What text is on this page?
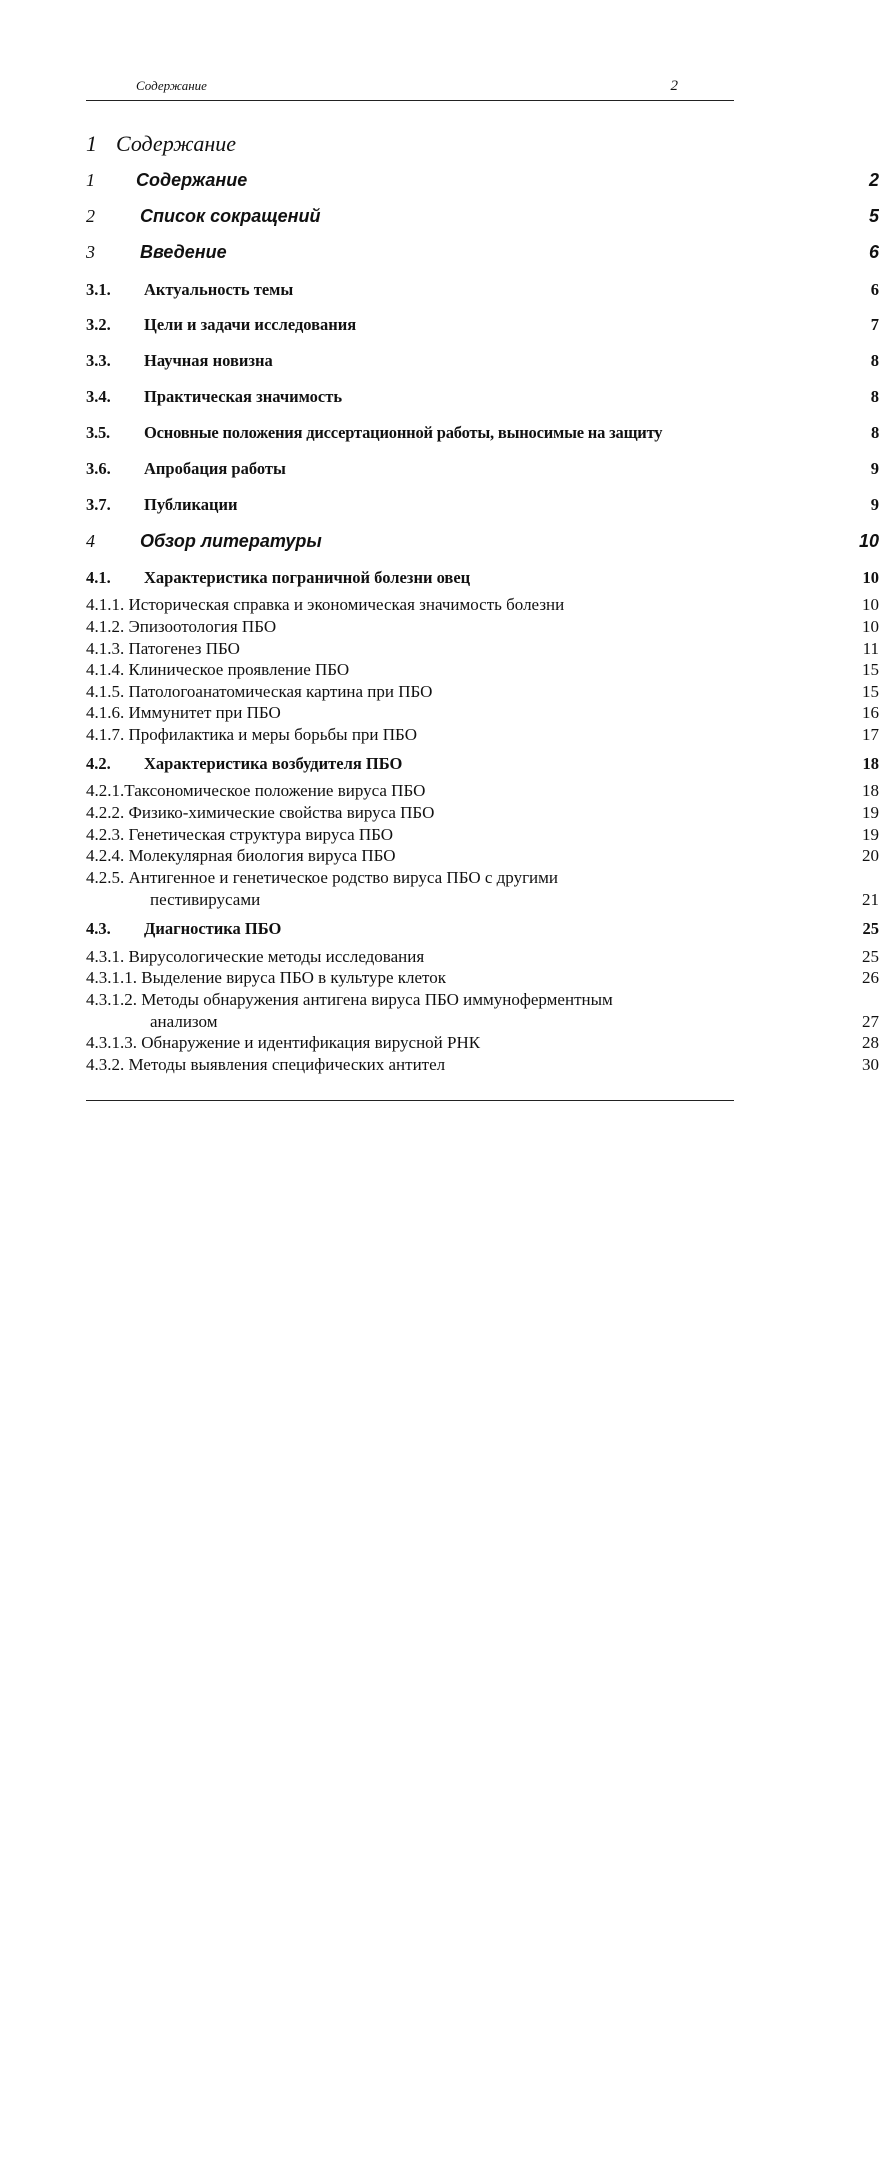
Содержание	2
1 Содержание
1 Содержание	2
2	Список сокращений	5
3	Введение	6
3.1. Актуальность темы	6
3.2. Цели и задачи исследования	7
3.3. Научная новизна	8
3.4. Практическая значимость	8
3.5. Основные положения диссертационной работы, выносимые на защиту	8
3.6. Апробация работы	9
3.7. Публикации	9
4	Обзор литературы	10
4.1. Характеристика пограничной болезни овец	10
4.1.1. Историческая справка и экономическая значимость болезни	10
4.1.2. Эпизоотология ПБО	10
4.1.3. Патогенез ПБО	11
4.1.4. Клиническое проявление ПБО	15
4.1.5. Патологоанатомическая картина при ПБО	15
4.1.6. Иммунитет при ПБО	16
4.1.7. Профилактика и меры борьбы при ПБО	17
4.2. Характеристика возбудителя ПБО	18
4.2.1.Таксономическое положение вируса ПБО	18
4.2.2. Физико-химические свойства вируса ПБО	19
4.2.3. Генетическая структура вируса ПБО	19
4.2.4. Молекулярная биология вируса ПБО	20
4.2.5. Антигенное и генетическое родство вируса ПБО с другими
пестивирусами	21
4.3. Диагностика ПБО	25
4.3.1. Вирусологические методы исследования	25
4.3.1.1. Выделение вируса ПБО в культуре клеток	26
4.3.1.2. Методы обнаружения антигена вируса ПБО иммуноферментным
анализом	27
4.3.1.3. Обнаружение и идентификация вирусной РНК	28
4.3.2. Методы выявления специфических антител	30
